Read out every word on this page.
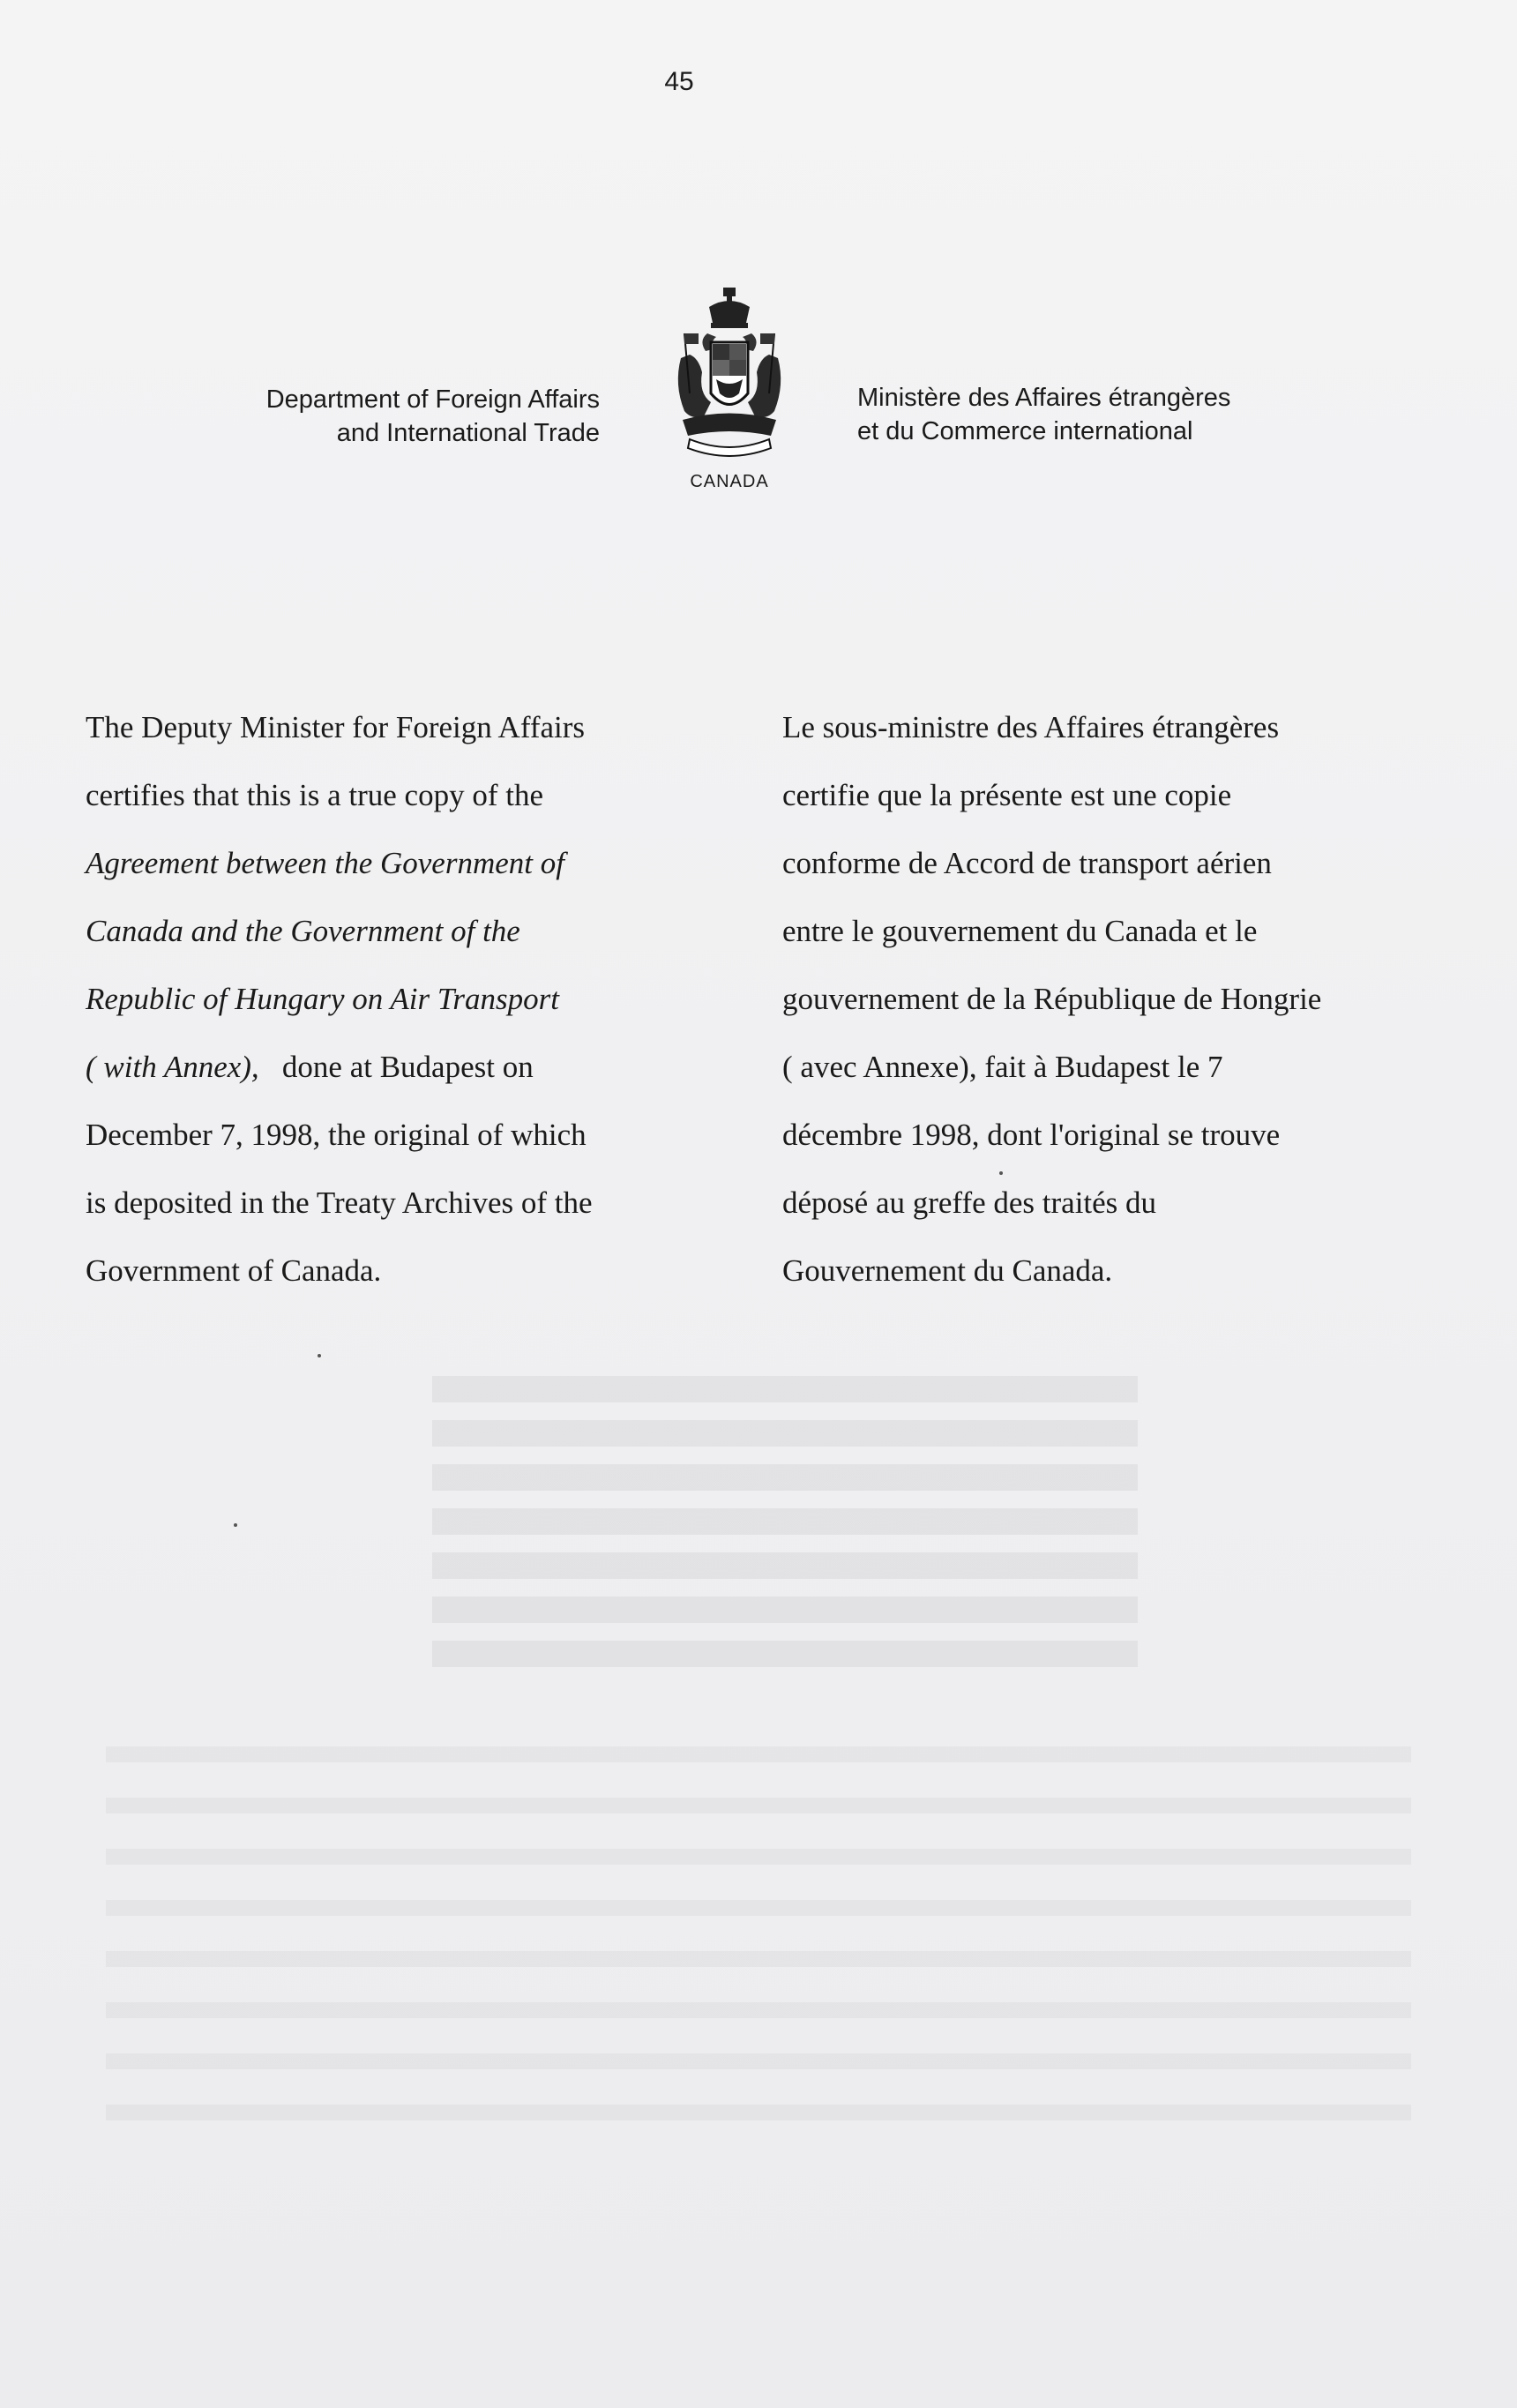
45
Department of Foreign Affairs
and International Trade
CANADA
Ministère des Affaires étrangères
et du Commerce international

The Deputy Minister for Foreign Affairs

certifies that this is a true copy of the

Agreement between the Government of

Canada and the Government of the

Republic of Hungary on Air Transport

( with Annex), done at Budapest on

December 7, 1998, the original of which

is deposited in the Treaty Archives of the

Government of Canada.

Le sous-ministre des Affaires étrangères

certifie que la présente est une copie

conforme de Accord de transport aérien

entre le gouvernement du Canada et le

gouvernement de la République de Hongrie

( avec Annexe), fait à Budapest le 7

décembre 1998, dont l'original se trouve

déposé au greffe des traités du

Gouvernement du Canada.
